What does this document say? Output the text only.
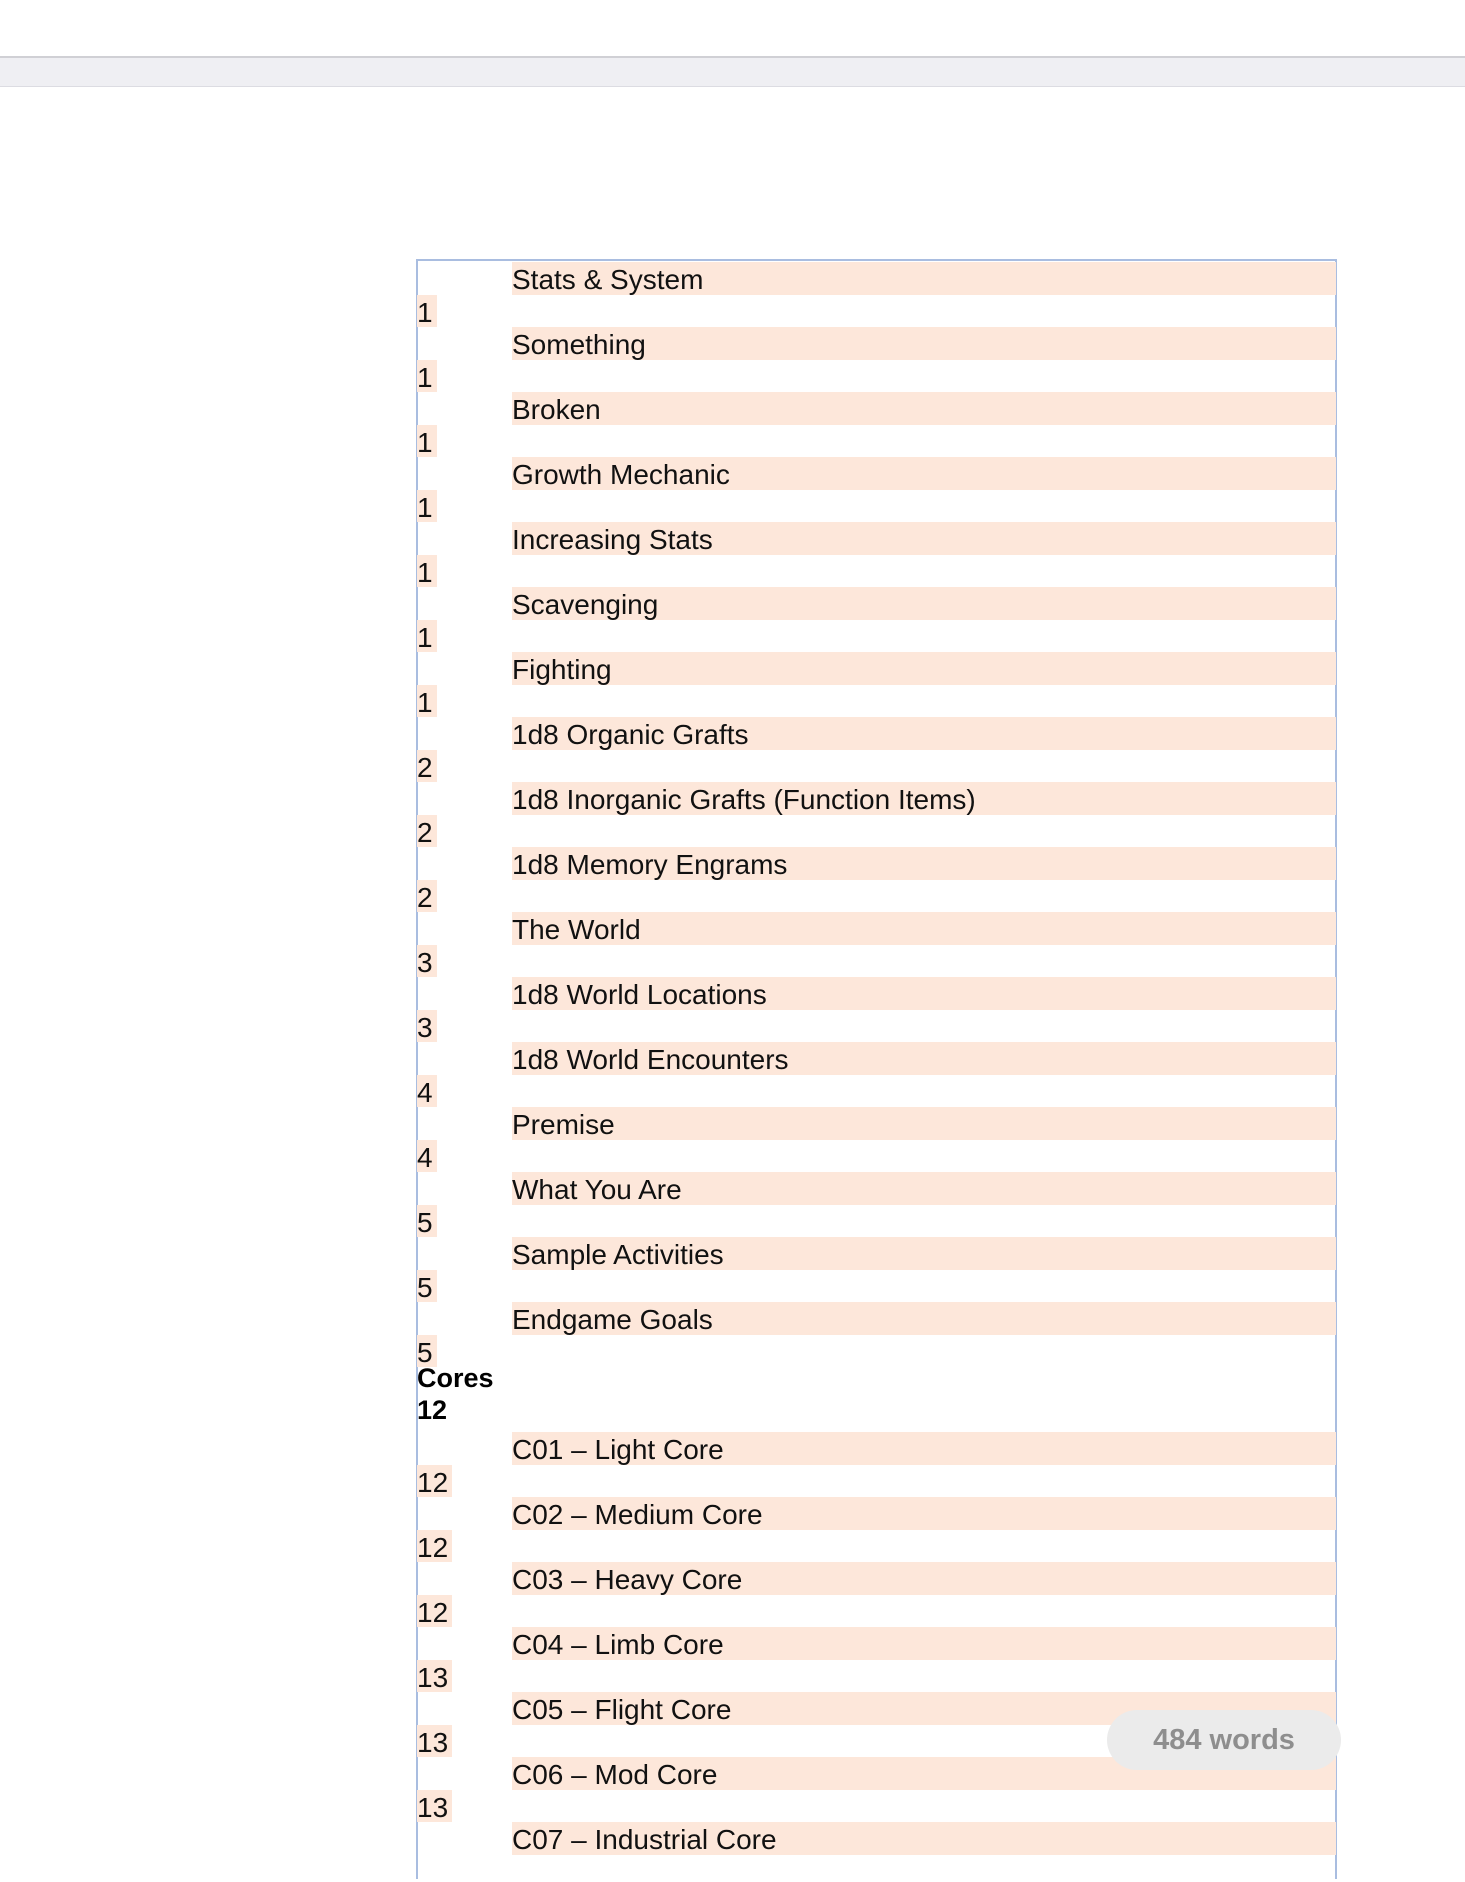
Stats & System
1
Something
1
Broken
1
Growth Mechanic
1
Increasing Stats
1
Scavenging
1
Fighting
1
1d8 Organic Grafts
2
1d8 Inorganic Grafts (Function Items)
2
1d8 Memory Engrams
2
The World
3
1d8 World Locations
3
1d8 World Encounters
4
Premise
4
What You Are
5
Sample Activities
5
Endgame Goals
5
Cores
12
C01 – Light Core
12
C02 – Medium Core
12
C03 – Heavy Core
12
C04 – Limb Core
13
C05 – Flight Core
13
C06 – Mod Core
13
C07 – Industrial Core
484 words
